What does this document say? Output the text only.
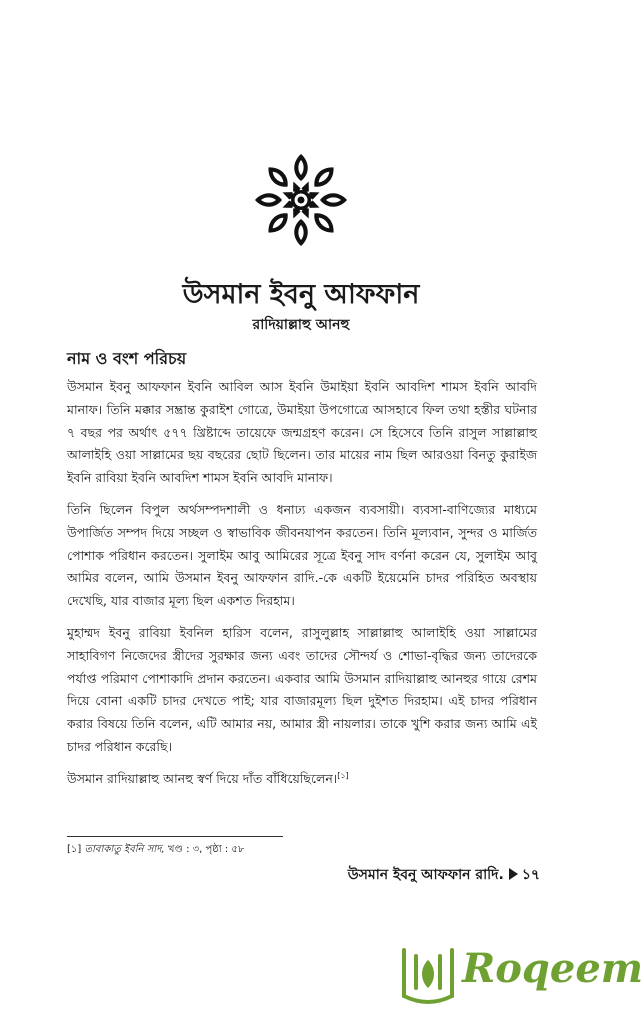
উসমান ইবনু আফফান
রাদিয়াল্লাহু আনহু
নাম ও বংশ পরিচয়

উসমান ইবনু আফফান ইবনি আবিল আস ইবনি উমাইয়া ইবনি আবদিশ শামস ইবনি আবদি মানাফ। তিনি মক্কার সম্ভ্রান্ত কুরাইশ গোত্রে, উমাইয়া উপগোত্রে আসহাবে ফিল তথা হস্তীর ঘটনার ৭ বছর পর অর্থাৎ ৫৭৭ খ্রিষ্টাব্দে তায়েফে জন্মগ্রহণ করেন। সে হিসেবে তিনি রাসুল সাল্লাল্লাহু আলাইহি ওয়া সাল্লামের ছয় বছরের ছোট ছিলেন। তার মায়ের নাম ছিল আরওয়া বিনতু কুরাইজ ইবনি রাবিয়া ইবনি আবদিশ শামস ইবনি আবদি মানাফ।

তিনি ছিলেন বিপুল অর্থসম্পদশালী ও ধনাঢ্য একজন ব্যবসায়ী। ব্যবসা-বাণিজ্যের মাধ্যমে উপার্জিত সম্পদ দিয়ে সচ্ছল ও স্বাভাবিক জীবনযাপন করতেন। তিনি মূল্যবান, সুন্দর ও মার্জিত পোশাক পরিধান করতেন। সুলাইম আবু আমিরের সূত্রে ইবনু সাদ বর্ণনা করেন যে, সুলাইম আবু আমির বলেন, আমি উসমান ইবনু আফফান রাদি.-কে একটি ইয়েমেনি চাদর পরিহিত অবস্থায় দেখেছি, যার বাজার মূল্য ছিল একশত দিরহাম।

মুহাম্মদ ইবনু রাবিয়া ইবনিল হারিস বলেন, রাসুলুল্লাহ সাল্লাল্লাহু আলাইহি ওয়া সাল্লামের সাহাবিগণ নিজেদের স্ত্রীদের সুরক্ষার জন্য এবং তাদের সৌন্দর্য ও শোভা-বৃদ্ধির জন্য তাদেরকে পর্যাপ্ত পরিমাণ পোশাকাদি প্রদান করতেন। একবার আমি উসমান রাদিয়াল্লাহু আনহুর গায়ে রেশম দিয়ে বোনা একটি চাদর দেখতে পাই; যার বাজারমূল্য ছিল দুইশত দিরহাম। এই চাদর পরিধান করার বিষয়ে তিনি বলেন, এটি আমার নয়, আমার স্ত্রী নায়লার। তাকে খুশি করার জন্য আমি এই চাদর পরিধান করেছি।

উসমান রাদিয়াল্লাহু আনহু স্বর্ণ দিয়ে দাঁত বাঁধিয়েছিলেন।[১]

[১] তাবাকাতু ইবনি সাদ, খণ্ড : ৩, পৃষ্ঠা : ৫৮
উসমান ইবনু আফফান রাদি. ১৭
Roqeem
